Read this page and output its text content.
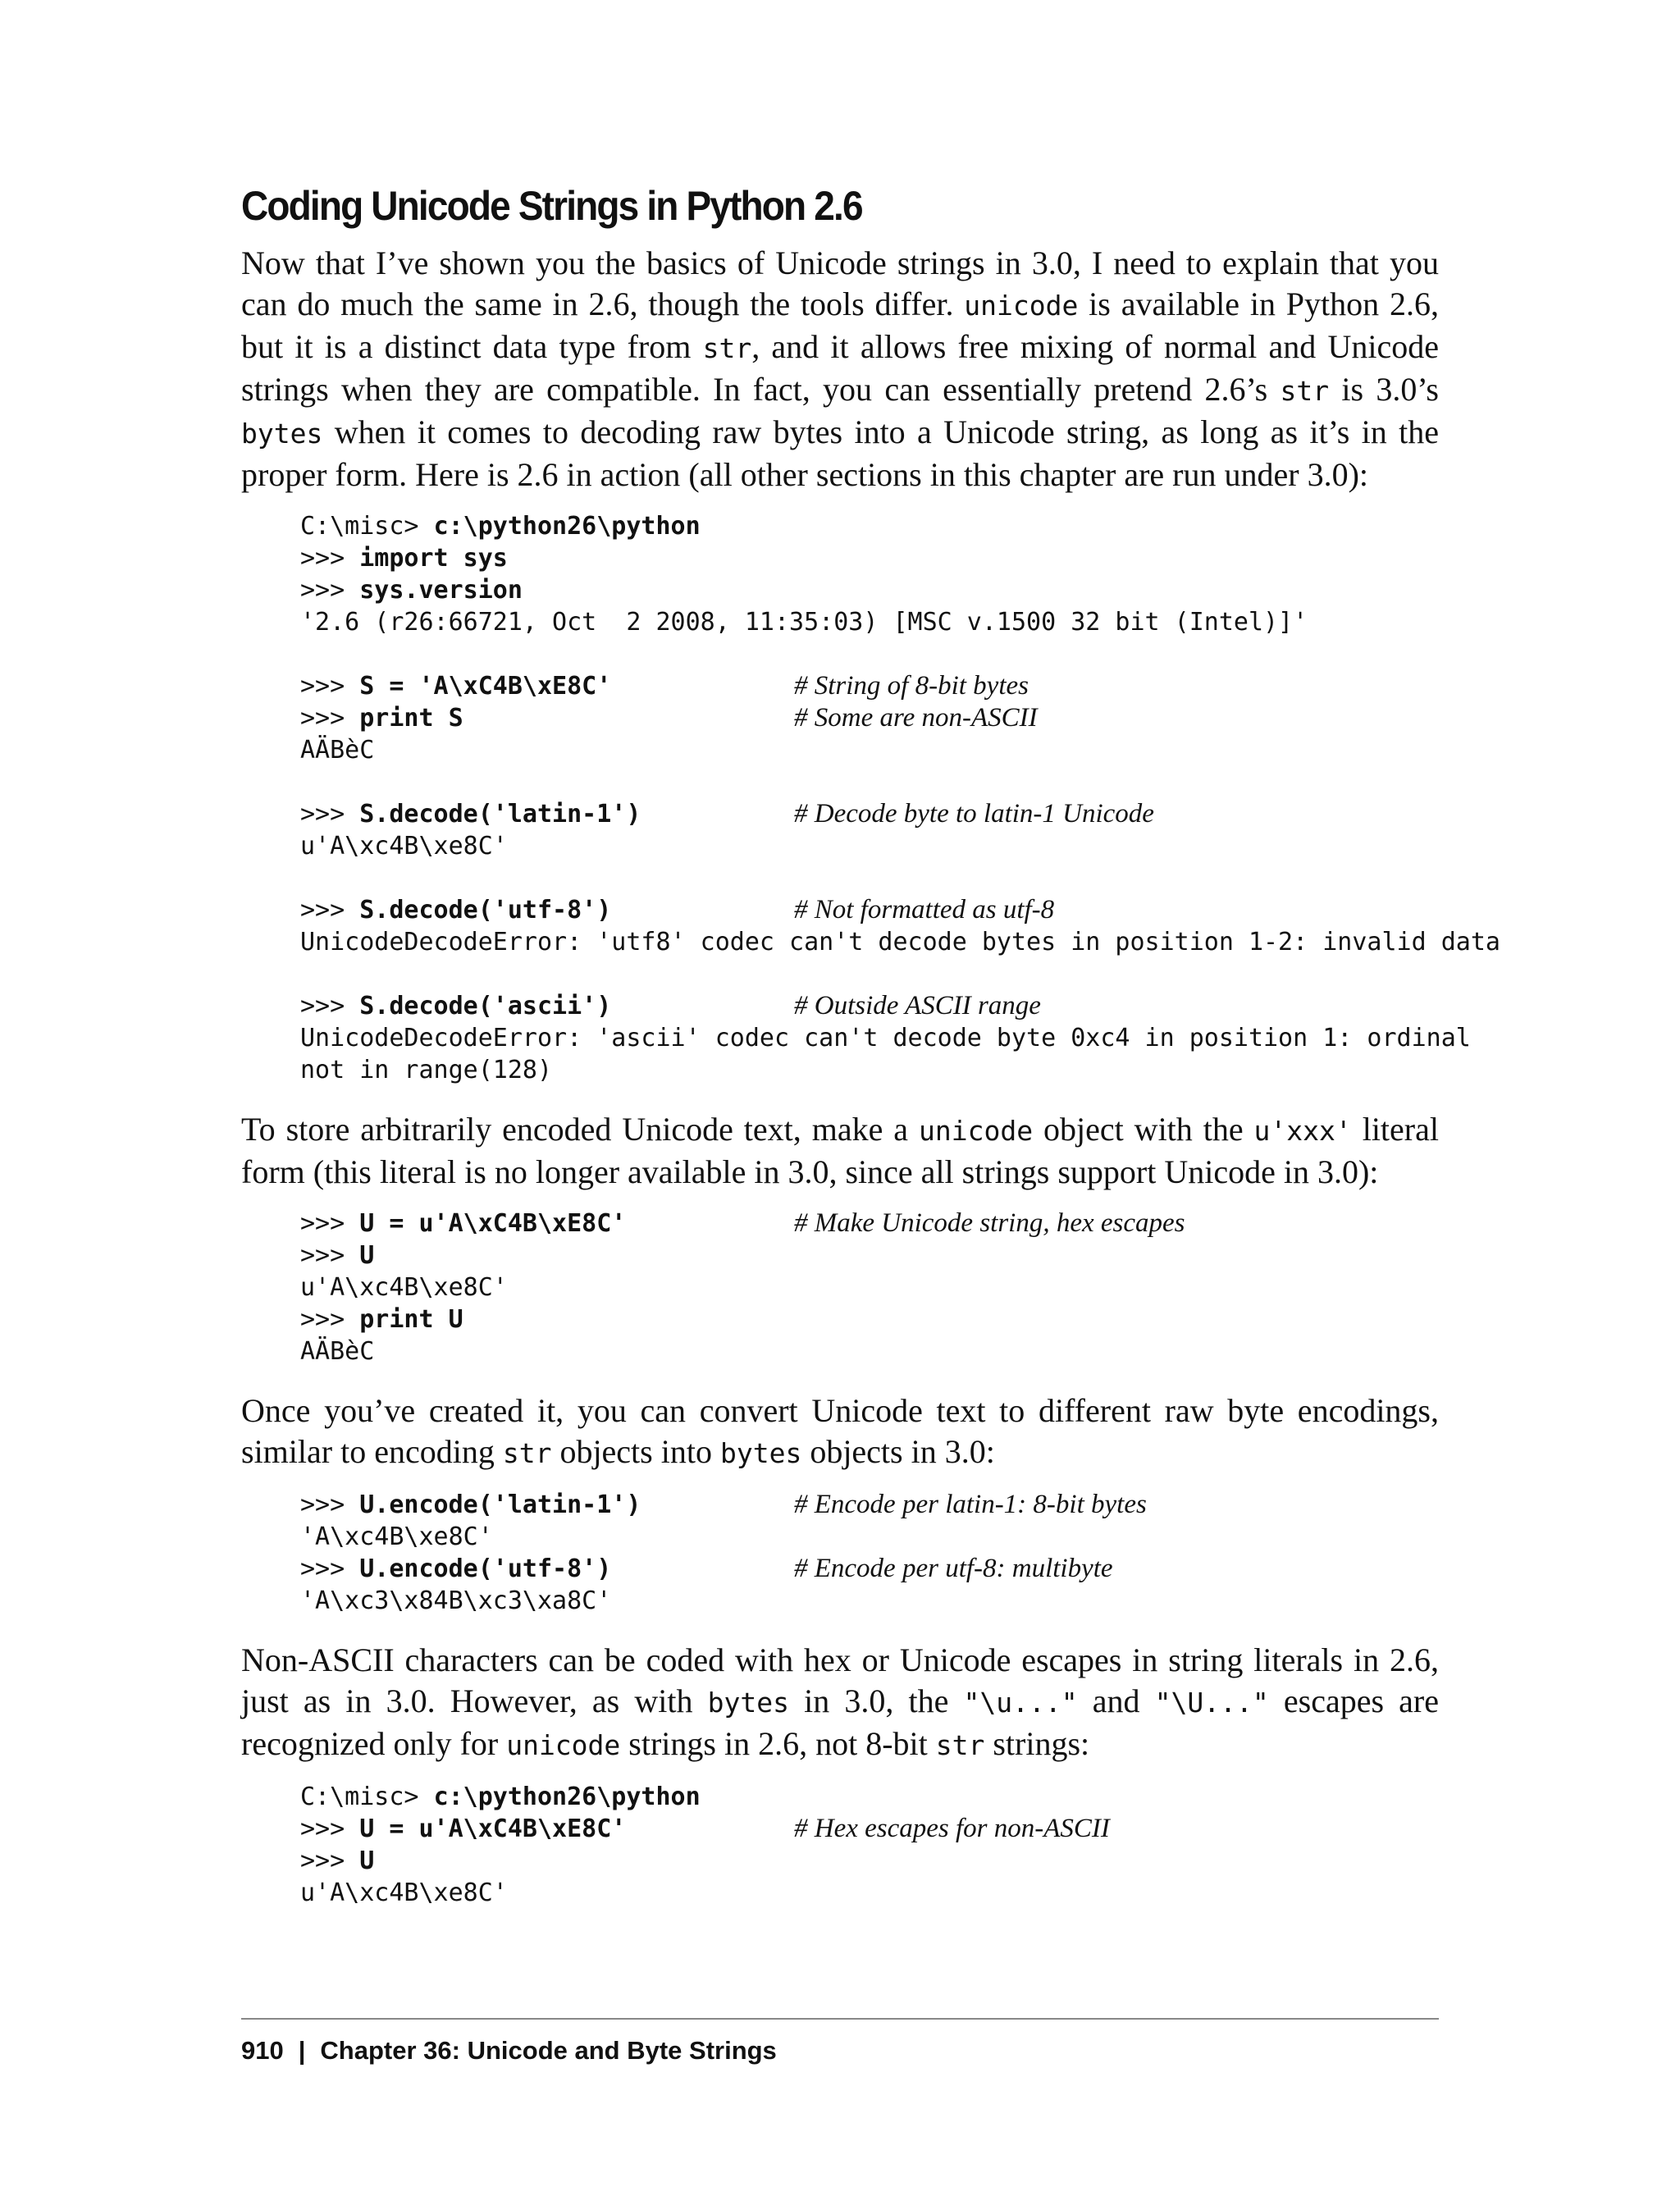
Coding Unicode Strings in Python 2.6

Now that I’ve shown you the basics of Unicode strings in 3.0, I need to explain that you can do much the same in 2.6, though the tools differ. unicode is available in Python 2.6, but it is a distinct data type from str, and it allows free mixing of normal and Unicode strings when they are compatible. In fact, you can essentially pretend 2.6’s str is 3.0’s bytes when it comes to decoding raw bytes into a Unicode string, as long as it’s in the proper form. Here is 2.6 in action (all other sections in this chapter are run under 3.0):

C:\misc> c:\python26\python
>>> import sys
>>> sys.version
'2.6 (r26:66721, Oct  2 2008, 11:35:03) [MSC v.1500 32 bit (Intel)]'
>>> S = 'A\xC4B\xE8C'	# String of 8-bit bytes
>>> print S	# Some are non-ASCII
AÄBèC
>>> S.decode('latin-1')	# Decode byte to latin-1 Unicode
u'A\xc4B\xe8C'
>>> S.decode('utf-8')	# Not formatted as utf-8
UnicodeDecodeError: 'utf8' codec can't decode bytes in position 1-2: invalid data
>>> S.decode('ascii')	# Outside ASCII range
UnicodeDecodeError: 'ascii' codec can't decode byte 0xc4 in position 1: ordinal
not in range(128)

To store arbitrarily encoded Unicode text, make a unicode object with the u'xxx' literal form (this literal is no longer available in 3.0, since all strings support Unicode in 3.0):

>>> U = u'A\xC4B\xE8C'	# Make Unicode string, hex escapes
>>> U
u'A\xc4B\xe8C'
>>> print U
AÄBèC

Once you’ve created it, you can convert Unicode text to different raw byte encodings, similar to encoding str objects into bytes objects in 3.0:

>>> U.encode('latin-1')	# Encode per latin-1: 8-bit bytes
'A\xc4B\xe8C'
>>> U.encode('utf-8')	# Encode per utf-8: multibyte
'A\xc3\x84B\xc3\xa8C'

Non-ASCII characters can be coded with hex or Unicode escapes in string literals in 2.6, just as in 3.0. However, as with bytes in 3.0, the "\u..." and "\U..." escapes are recognized only for unicode strings in 2.6, not 8-bit str strings:

C:\misc> c:\python26\python
>>> U = u'A\xC4B\xE8C'	# Hex escapes for non-ASCII
>>> U
u'A\xc4B\xe8C'
910 | Chapter 36: Unicode and Byte Strings
